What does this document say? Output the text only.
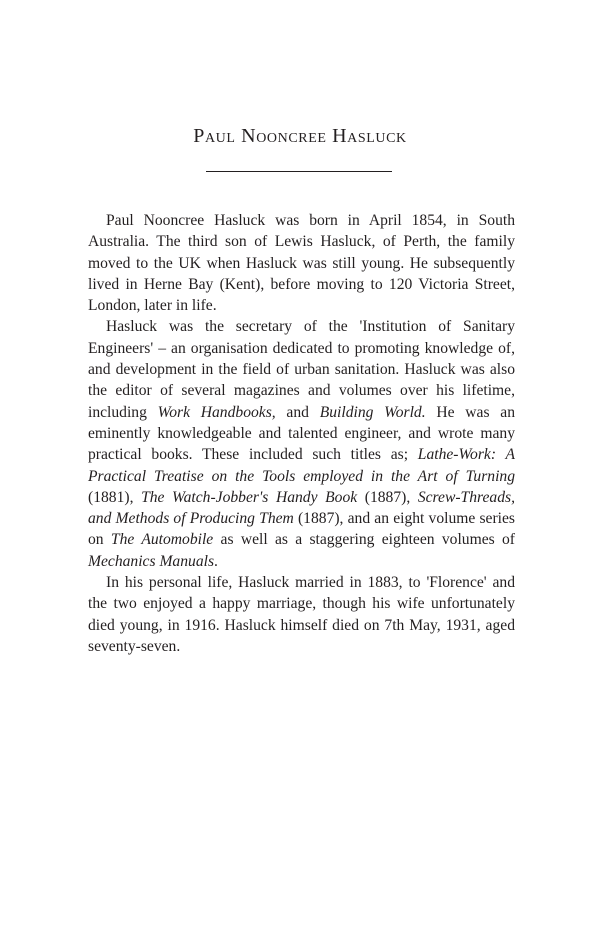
Paul Nooncree Hasluck

Paul Nooncree Hasluck was born in April 1854, in South Australia. The third son of Lewis Hasluck, of Perth, the family moved to the UK when Hasluck was still young. He subsequently lived in Herne Bay (Kent), before moving to 120 Victoria Street, London, later in life.

Hasluck was the secretary of the 'Institution of Sanitary Engineers' – an organisation dedicated to promoting knowledge of, and development in the field of urban sanitation. Hasluck was also the editor of several magazines and volumes over his lifetime, including Work Handbooks, and Building World. He was an eminently knowledgeable and talented engineer, and wrote many practical books. These included such titles as; Lathe-Work: A Practical Treatise on the Tools employed in the Art of Turning (1881), The Watch-Jobber's Handy Book (1887), Screw-Threads, and Methods of Producing Them (1887), and an eight volume series on The Automobile as well as a staggering eighteen volumes of Mechanics Manuals.

In his personal life, Hasluck married in 1883, to 'Florence' and the two enjoyed a happy marriage, though his wife unfortunately died young, in 1916. Hasluck himself died on 7th May, 1931, aged seventy-seven.
